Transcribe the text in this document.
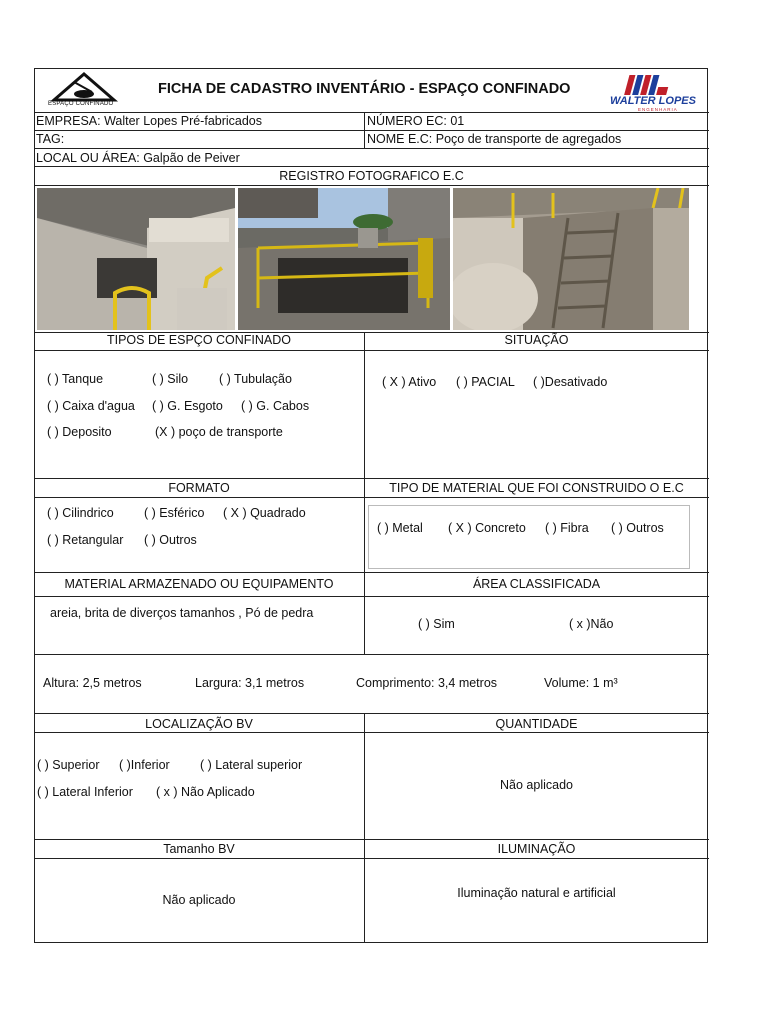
ESPAÇO CONFINADO
FICHA DE CADASTRO INVENTÁRIO - ESPAÇO CONFINADO
WALTER LOPES
ENGENHARIA
EMPRESA: Walter Lopes Pré-fabricados	NÚMERO EC: 01
TAG:	NOME E.C: Poço de transporte de agregados
LOCAL OU ÁREA: Galpão de Peiver
REGISTRO FOTOGRAFICO E.C
TIPOS DE ESPÇO CONFINADO	SITUAÇÃO
( ) Tanque	( ) Silo ( ) Tubulação
( ) Caixa d'agua ( ) G. Esgoto ( ) G. Cabos
( ) Deposito	(X ) poço de transporte
( X ) Ativo ( ) PACIAL ( )Desativado
FORMATO	TIPO DE MATERIAL QUE FOI CONSTRUIDO O E.C
( ) Cilindrico ( ) Esférico ( X ) Quadrado
( ) Retangular ( ) Outros
( ) Metal ( X ) Concreto ( ) Fibra ( ) Outros
MATERIAL ARMAZENADO OU EQUIPAMENTO	ÁREA CLASSIFICADA
areia, brita de diverços tamanhos , Pó de pedra
( ) Sim	( x )Não
Altura: 2,5 metros	Largura: 3,1 metros	Comprimento: 3,4 metros	Volume: 1 m³
LOCALIZAÇÃO BV	QUANTIDADE
( ) Superior ( )Inferior ( ) Lateral superior
( ) Lateral Inferior ( x ) Não Aplicado	Não aplicado
Tamanho BV	ILUMINAÇÃO
Não aplicado	Iluminação natural e artificial
